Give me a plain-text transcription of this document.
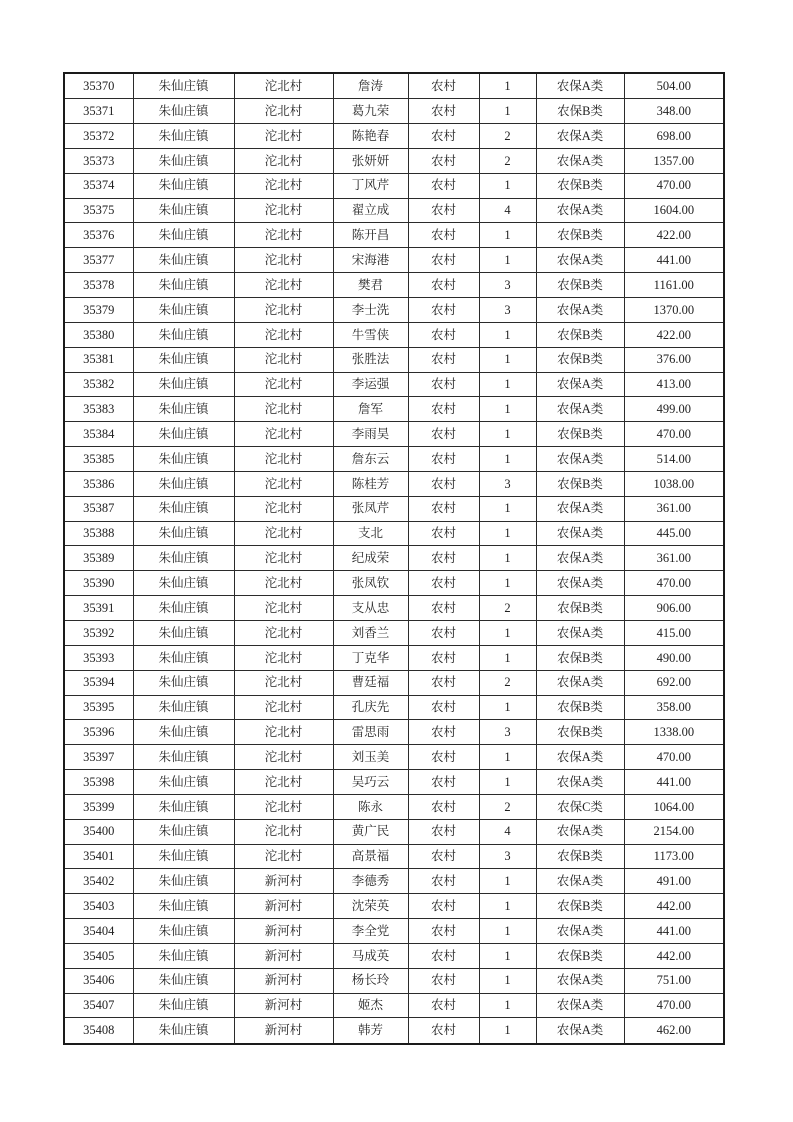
35370	朱仙庄镇	沱北村	詹涛	农村	1	农保A类	504.00
35371	朱仙庄镇	沱北村	葛九荣	农村	1	农保B类	348.00
35372	朱仙庄镇	沱北村	陈艳春	农村	2	农保A类	698.00
35373	朱仙庄镇	沱北村	张妍妍	农村	2	农保A类	1357.00
35374	朱仙庄镇	沱北村	丁风芹	农村	1	农保B类	470.00
35375	朱仙庄镇	沱北村	翟立成	农村	4	农保A类	1604.00
35376	朱仙庄镇	沱北村	陈开昌	农村	1	农保B类	422.00
35377	朱仙庄镇	沱北村	宋海港	农村	1	农保A类	441.00
35378	朱仙庄镇	沱北村	樊君	农村	3	农保B类	1161.00
35379	朱仙庄镇	沱北村	李士洗	农村	3	农保A类	1370.00
35380	朱仙庄镇	沱北村	牛雪侠	农村	1	农保B类	422.00
35381	朱仙庄镇	沱北村	张胜法	农村	1	农保B类	376.00
35382	朱仙庄镇	沱北村	李运强	农村	1	农保A类	413.00
35383	朱仙庄镇	沱北村	詹军	农村	1	农保A类	499.00
35384	朱仙庄镇	沱北村	李雨昊	农村	1	农保B类	470.00
35385	朱仙庄镇	沱北村	詹东云	农村	1	农保A类	514.00
35386	朱仙庄镇	沱北村	陈桂芳	农村	3	农保B类	1038.00
35387	朱仙庄镇	沱北村	张凤芹	农村	1	农保A类	361.00
35388	朱仙庄镇	沱北村	支北	农村	1	农保A类	445.00
35389	朱仙庄镇	沱北村	纪成荣	农村	1	农保A类	361.00
35390	朱仙庄镇	沱北村	张凤钦	农村	1	农保A类	470.00
35391	朱仙庄镇	沱北村	支从忠	农村	2	农保B类	906.00
35392	朱仙庄镇	沱北村	刘香兰	农村	1	农保A类	415.00
35393	朱仙庄镇	沱北村	丁克华	农村	1	农保B类	490.00
35394	朱仙庄镇	沱北村	曹廷福	农村	2	农保A类	692.00
35395	朱仙庄镇	沱北村	孔庆先	农村	1	农保B类	358.00
35396	朱仙庄镇	沱北村	雷思雨	农村	3	农保B类	1338.00
35397	朱仙庄镇	沱北村	刘玉美	农村	1	农保A类	470.00
35398	朱仙庄镇	沱北村	吴巧云	农村	1	农保A类	441.00
35399	朱仙庄镇	沱北村	陈永	农村	2	农保C类	1064.00
35400	朱仙庄镇	沱北村	黄广民	农村	4	农保A类	2154.00
35401	朱仙庄镇	沱北村	高景福	农村	3	农保B类	1173.00
35402	朱仙庄镇	新河村	李德秀	农村	1	农保A类	491.00
35403	朱仙庄镇	新河村	沈荣英	农村	1	农保B类	442.00
35404	朱仙庄镇	新河村	李全党	农村	1	农保A类	441.00
35405	朱仙庄镇	新河村	马成英	农村	1	农保B类	442.00
35406	朱仙庄镇	新河村	杨长玲	农村	1	农保A类	751.00
35407	朱仙庄镇	新河村	姬杰	农村	1	农保A类	470.00
35408	朱仙庄镇	新河村	韩芳	农村	1	农保A类	462.00
